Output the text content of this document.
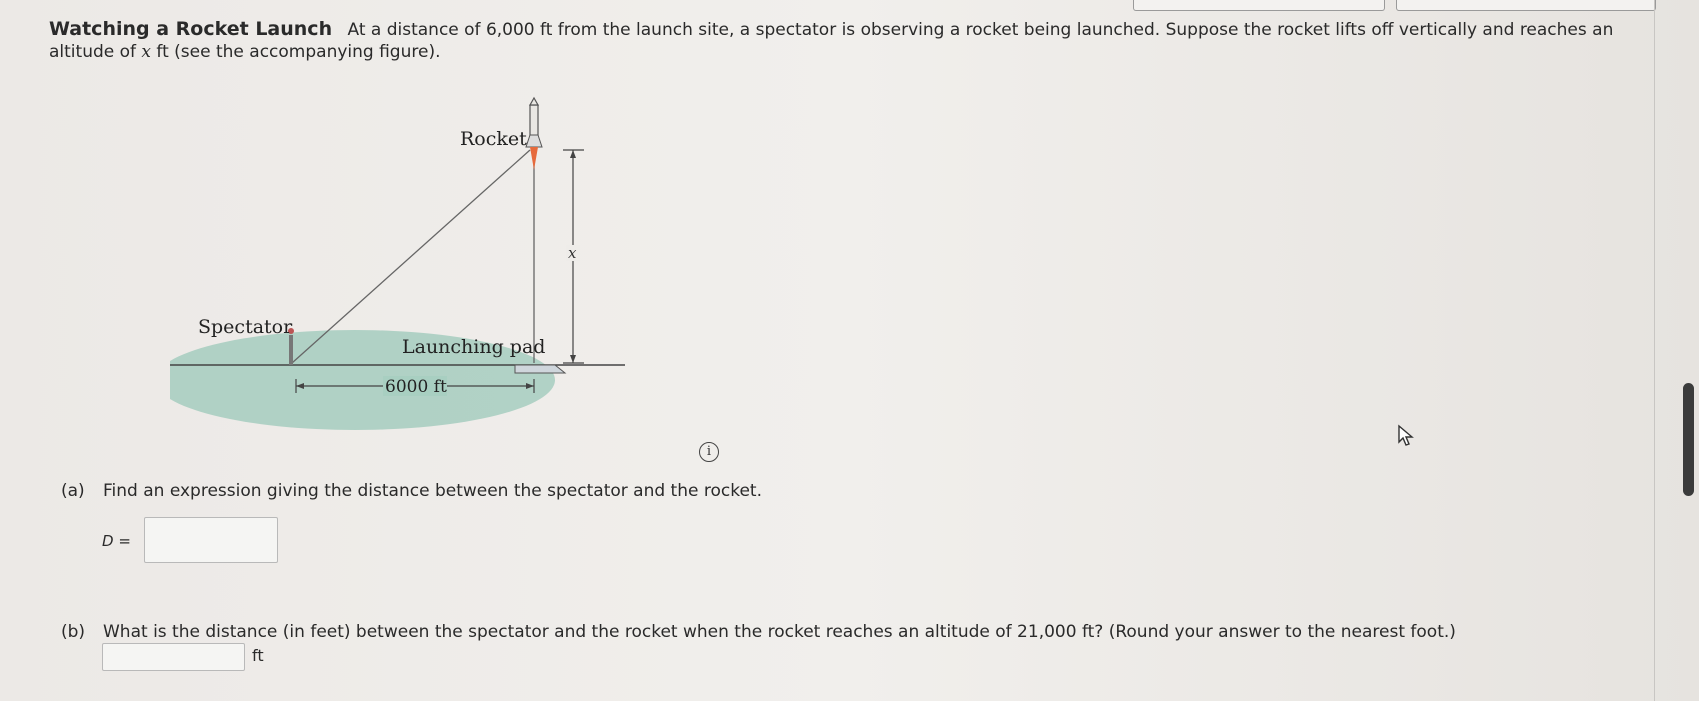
Watching a Rocket Launch At a distance of 6,000 ft from the launch site, a spectator is observing a rocket being launched. Suppose the rocket lifts off vertically and reaches an altitude of x ft (see the accompanying figure).
x
6000 ft
Rocket
Spectator
Launching pad
i
(a) Find an expression giving the distance between the spectator and the rocket.
D =
(b) What is the distance (in feet) between the spectator and the rocket when the rocket reaches an altitude of 21,000 ft? (Round your answer to the nearest foot.)
ft
